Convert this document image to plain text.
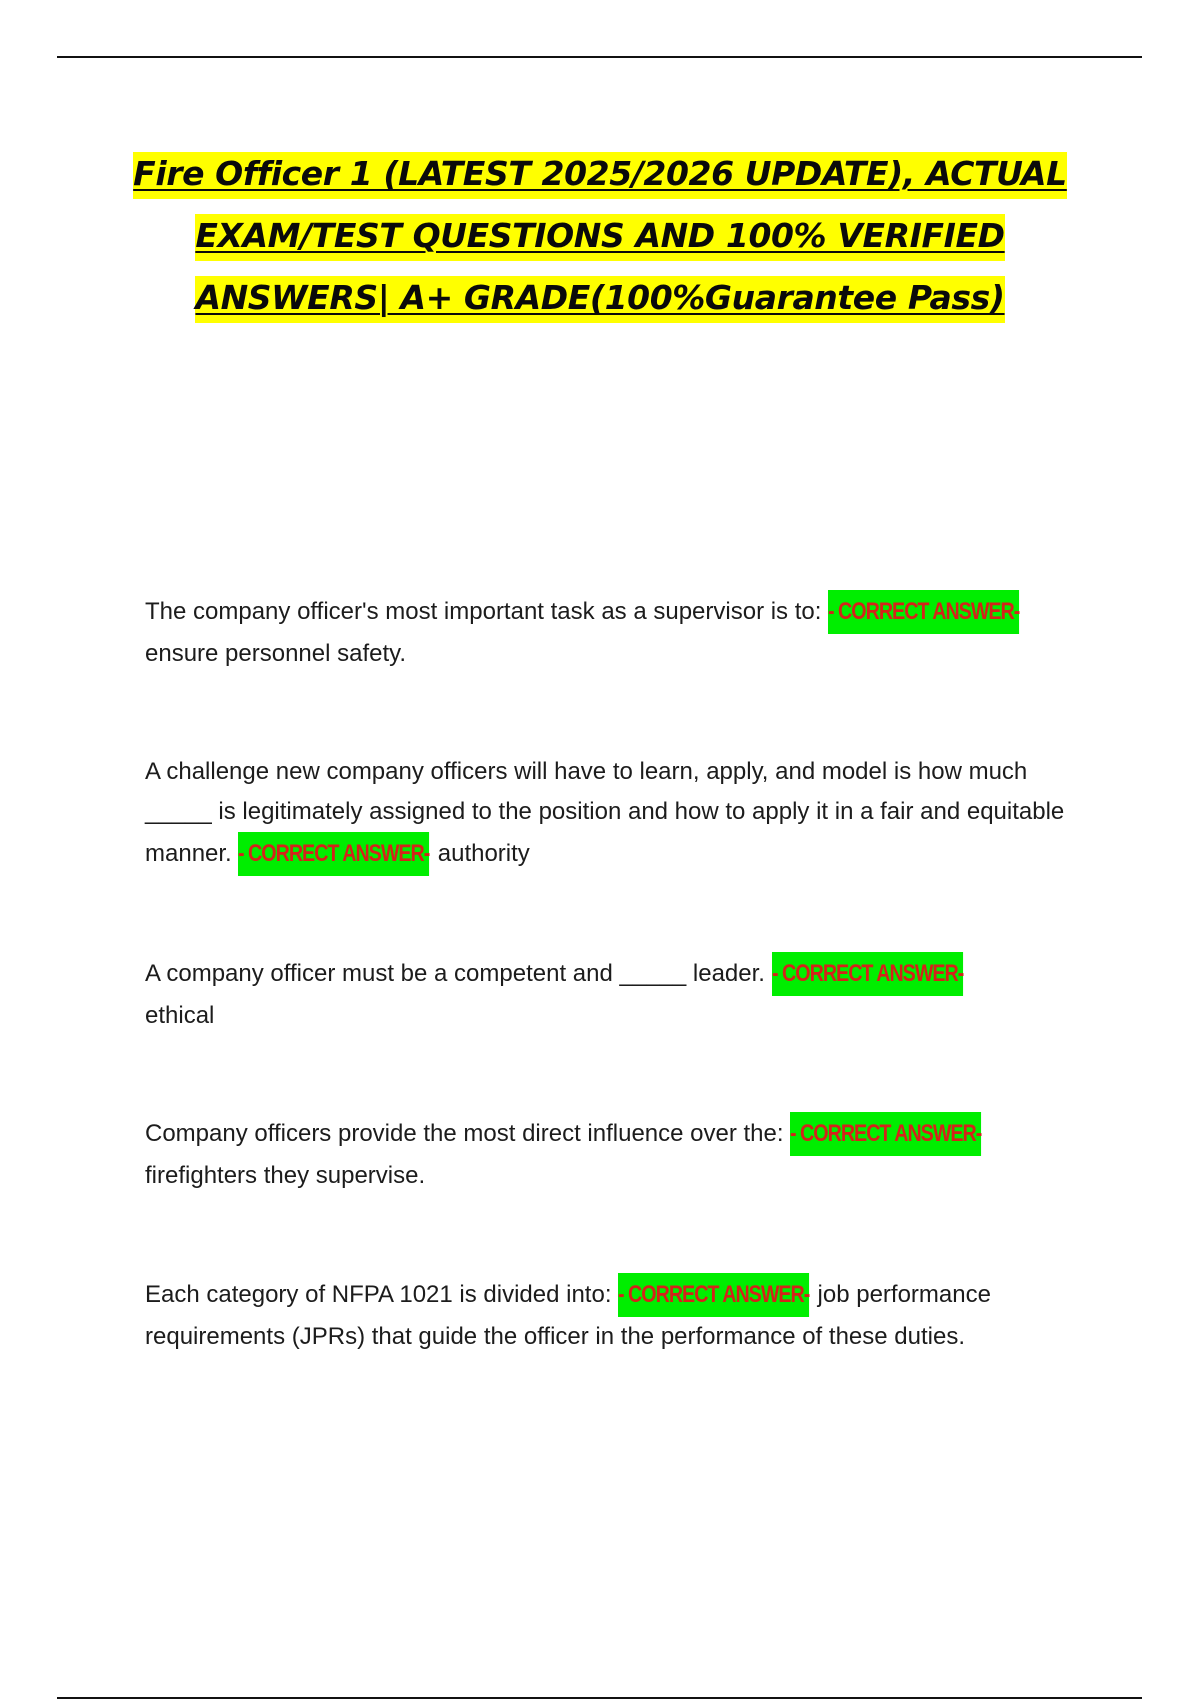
Fire Officer 1 (LATEST 2025/2026 UPDATE), ACTUAL EXAM/TEST QUESTIONS AND 100% VERIFIED ANSWERS| A+ GRADE(100%Guarantee Pass)
The company officer's most important task as a supervisor is to: - CORRECT ANSWER-
ensure personnel safety.
A challenge new company officers will have to learn, apply, and model is how much _____ is legitimately assigned to the position and how to apply it in a fair and equitable manner. - CORRECT ANSWER- authority
A company officer must be a competent and _____ leader. - CORRECT ANSWER-
ethical
Company officers provide the most direct influence over the: - CORRECT ANSWER-
firefighters they supervise.
Each category of NFPA 1021 is divided into: - CORRECT ANSWER- job performance requirements (JPRs) that guide the officer in the performance of these duties.
